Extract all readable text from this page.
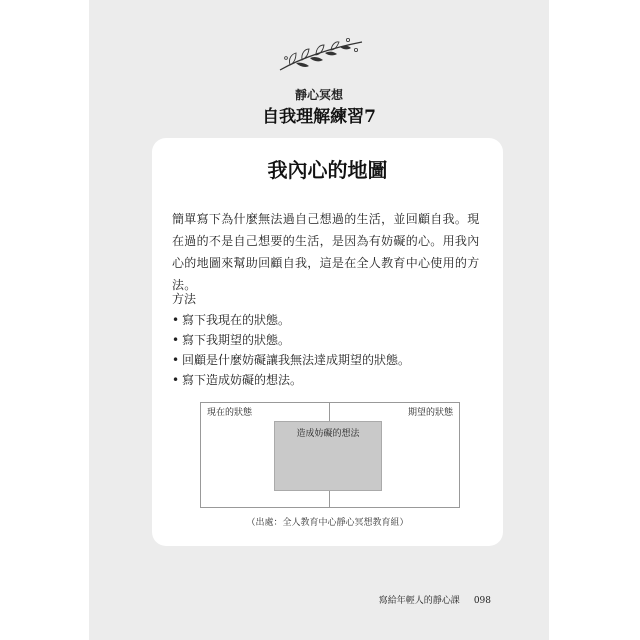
靜心冥想
自我理解練習7
我內心的地圖
簡單寫下為什麼無法過自己想過的生活，並回顧自我。現在過的不是自己想要的生活，是因為有妨礙的心。用我內心的地圖來幫助回顧自我，這是在全人教育中心使用的方法。
方法
• 寫下我現在的狀態。
• 寫下我期望的狀態。
• 回顧是什麼妨礙讓我無法達成期望的狀態。
• 寫下造成妨礙的想法。
現在的狀態	期望的狀態
造成妨礙的想法
（出處：全人教育中心靜心冥想教育組）
寫給年輕人的靜心課 098
